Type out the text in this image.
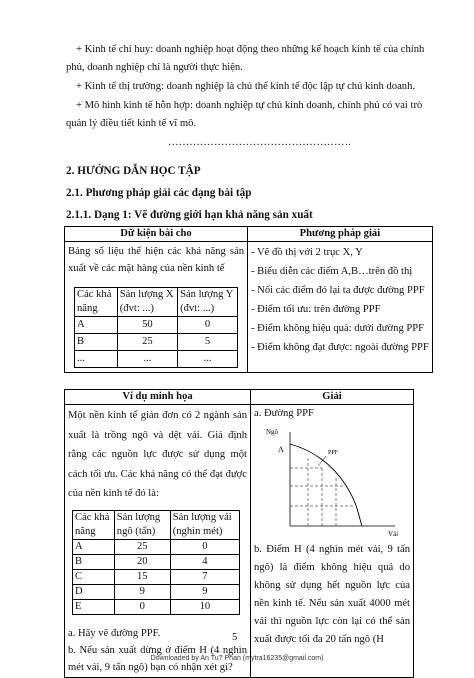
+ Kinh tế chỉ huy: doanh nghiệp hoạt động theo những kế hoạch kinh tế của chính

phủ, doanh nghiệp chỉ là người thực hiện.

+ Kinh tế thị trường: doanh nghiệp là chủ thể kinh tế độc lập tự chủ kinh doanh.

+ Mô hình kinh tế hỗn hợp: doanh nghiệp tự chủ kinh doanh, chính phủ có vai trò

quản lý điều tiết kinh tế vĩ mô.

…………………………………………….

2. HƯỚNG DẪN HỌC TẬP

2.1. Phương pháp giải các dạng bài tập

2.1.1. Dạng 1: Vẽ đường giới hạn khả năng sản xuất

Dữ kiện bài cho	Phương pháp giải

Bảng số liệu thể hiện các khả năng sản xuất về các mặt hàng của nền kinh tế
Các khả năng	Sản lượng X (đvt: ...)	Sản lượng Y (đvt: ...)
A	50	0
B	25	5
...	...	...

- Vẽ đồ thị với 2 trục X, Y
- Biểu diễn các điểm A,B…trên đồ thị
- Nối các điểm đó lại ta được đường PPF
- Điểm tối ưu: trên đường PPF
- Điểm không hiệu quả: dưới đường PPF
- Điểm không đạt được: ngoài đường PPF
Ví dụ minh họa	Giải

Một nền kinh tế giản đơn có 2 ngành sản xuất là trồng ngô và dệt vải. Giả định rằng các nguồn lực được sử dụng một cách tối ưu. Các khả năng có thể đạt được của nền kinh tế đó là:
Các khả năng	Sản lượng ngô (tấn)	Sản lượng vải (nghìn mét)
A	25	0
B	20	4
C	15	7
D	9	9
E	0	10
a. Hãy vẽ đường PPF.
b. Nếu sản xuất dừng ở điểm H (4 nghìn mét vải, 9 tấn ngô) bạn có nhận xét gì?

a. Đường PPF
Ngô
A	PPF
Vải
b. Điểm H (4 nghìn mét vải, 9 tấn ngô) là điểm không hiệu quả do không sử dụng hết nguồn lực của nền kinh tế. Nếu sản xuất 4000 mét vải thì nguồn lực còn lại có thể sản xuất được tối đa 20 tấn ngô (H

5

Downloaded by An Tu? Phan (mytra16235@gmail.com)
